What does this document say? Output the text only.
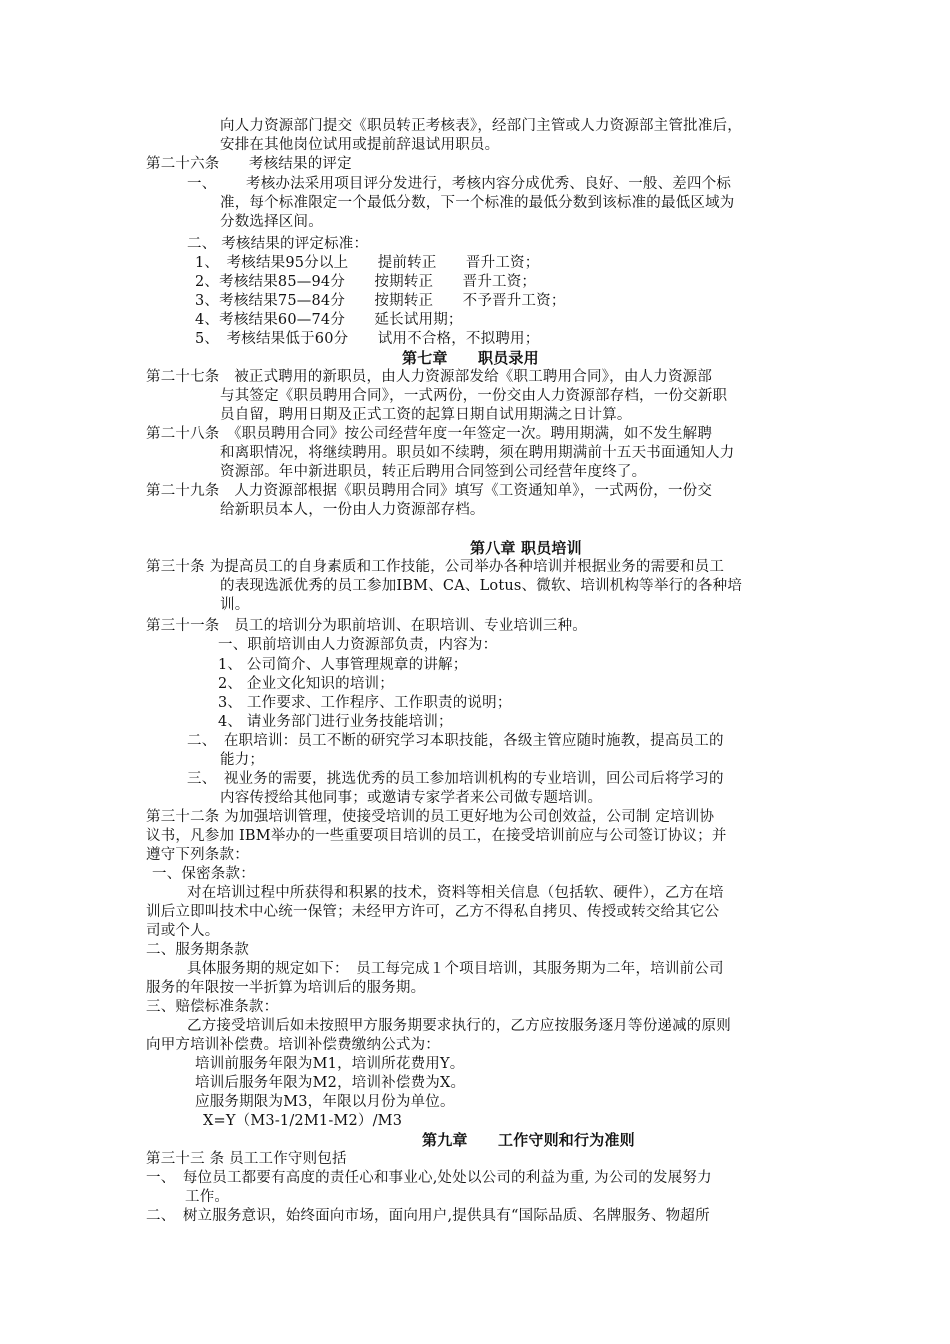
向人力资源部门提交《职员转正考核表》，经部门主管或人力资源部主管批准后，
安排在其他岗位试用或提前辞退试用职员。
第二十六条　　考核结果的评定
一、 考核办法采用项目评分发进行，考核内容分成优秀、良好、一般、差四个标
准，每个标准限定一个最低分数，下一个标准的最低分数到该标准的最低区域为
分数选择区间。
二、 考核结果的评定标准：
1、　考核结果95分以上　　提前转正　　晋升工资；
2、考核结果85—94分　　按期转正　　晋升工资；
3、考核结果75—84分　　按期转正　　不予晋升工资；
4、考核结果60—74分　　延长试用期；
5、　考核结果低于60分　　试用不合格，不拟聘用；
第七章　　职员录用
第二十七条　被正式聘用的新职员，由人力资源部发给《职工聘用合同》，由人力资源部
与其签定《职员聘用合同》，一式两份，一份交由人力资源部存档，一份交新职
员自留，聘用日期及正式工资的起算日期自试用期满之日计算。
第二十八条　《职员聘用合同》按公司经营年度一年签定一次。聘用期满，如不发生解聘
和离职情况，将继续聘用。职员如不续聘，须在聘用期满前十五天书面通知人力
资源部。年中新进职员，转正后聘用合同签到公司经营年度终了。
第二十九条　人力资源部根据《职员聘用合同》填写《工资通知单》，一式两份，一份交
给新职员本人，一份由人力资源部存档。
第八章 职员培训
第三十条 为提高员工的自身素质和工作技能，公司举办各种培训并根据业务的需要和员工
的表现选派优秀的员工参加IBM、CA、Lotus、微软、培训机构等举行的各种培
训。
第三十一条　员工的培训分为职前培训、在职培训、专业培训三种。
一、职前培训由人力资源部负责，内容为：
1、 公司简介、人事管理规章的讲解；
2、 企业文化知识的培训；
3、 工作要求、工作程序、工作职责的说明；
4、 请业务部门进行业务技能培训；
二、　在职培训：员工不断的研究学习本职技能，各级主管应随时施教，提高员工的
能力；
三、　视业务的需要，挑选优秀的员工参加培训机构的专业培训，回公司后将学习的
内容传授给其他同事；或邀请专家学者来公司做专题培训。
第三十二条 为加强培训管理，使接受培训的员工更好地为公司创效益，公司制 定培训协
议书，凡参加 IBM举办的一些重要项目培训的员工，在接受培训前应与公司签订协议；并
遵守下列条款：
一、保密条款：
对在培训过程中所获得和积累的技术，资料等相关信息（包括软、硬件），乙方在培
训后立即叫技术中心统一保管；未经甲方许可，乙方不得私自拷贝、传授或转交给其它公
司或个人。
二、服务期条款
具体服务期的规定如下：　员工每完成１个项目培训，其服务期为二年，培训前公司
服务的年限按一半折算为培训后的服务期。
三、赔偿标准条款：
乙方接受培训后如未按照甲方服务期要求执行的，乙方应按服务逐月等份递减的原则
向甲方培训补偿费。培训补偿费缴纳公式为：
培训前服务年限为M1，培训所花费用Y。
培训后服务年限为M2，培训补偿费为X。
应服务期限为M3，年限以月份为单位。
X=Y（M3-1/2M1-M2）/M3
第九章　　工作守则和行为准则
第三十三 条 员工工作守则包括
一、　每位员工都要有高度的责任心和事业心,处处以公司的利益为重, 为公司的发展努力
工作。
二、　树立服务意识，始终面向市场，面向用户,提供具有“国际品质、名牌服务、物超所
